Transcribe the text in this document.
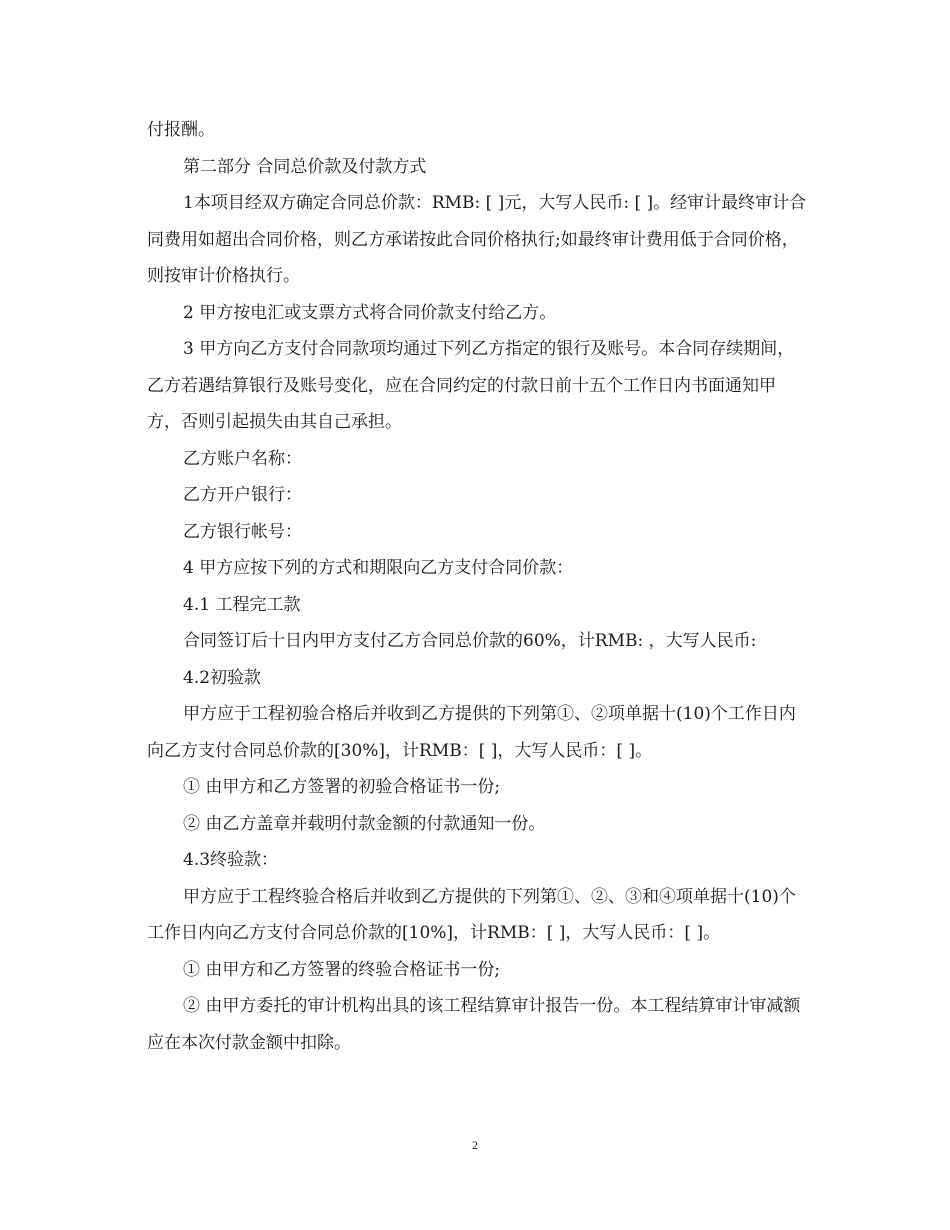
付报酬。

第二部分 合同总价款及付款方式

1本项目经双方确定合同总价款：RMB: [ ]元，大写人民币: [ ]。经审计最终审计合同费用如超出合同价格，则乙方承诺按此合同价格执行;如最终审计费用低于合同价格，则按审计价格执行。

2 甲方按电汇或支票方式将合同价款支付给乙方。

3 甲方向乙方支付合同款项均通过下列乙方指定的银行及账号。本合同存续期间，乙方若遇结算银行及账号变化，应在合同约定的付款日前十五个工作日内书面通知甲方，否则引起损失由其自己承担。

乙方账户名称：

乙方开户银行：

乙方银行帐号：

4 甲方应按下列的方式和期限向乙方支付合同价款：

4.1 工程完工款

合同签订后十日内甲方支付乙方合同总价款的60%，计RMB: ，大写人民币:

4.2初验款

甲方应于工程初验合格后并收到乙方提供的下列第①、②项单据十(10)个工作日内向乙方支付合同总价款的[30%]，计RMB：[ ]，大写人民币：[ ]。

① 由甲方和乙方签署的初验合格证书一份;

② 由乙方盖章并载明付款金额的付款通知一份。

4.3终验款：

甲方应于工程终验合格后并收到乙方提供的下列第①、②、③和④项单据十(10)个工作日内向乙方支付合同总价款的[10%]，计RMB：[ ]，大写人民币：[ ]。

① 由甲方和乙方签署的终验合格证书一份;

② 由甲方委托的审计机构出具的该工程结算审计报告一份。本工程结算审计审减额应在本次付款金额中扣除。

2
